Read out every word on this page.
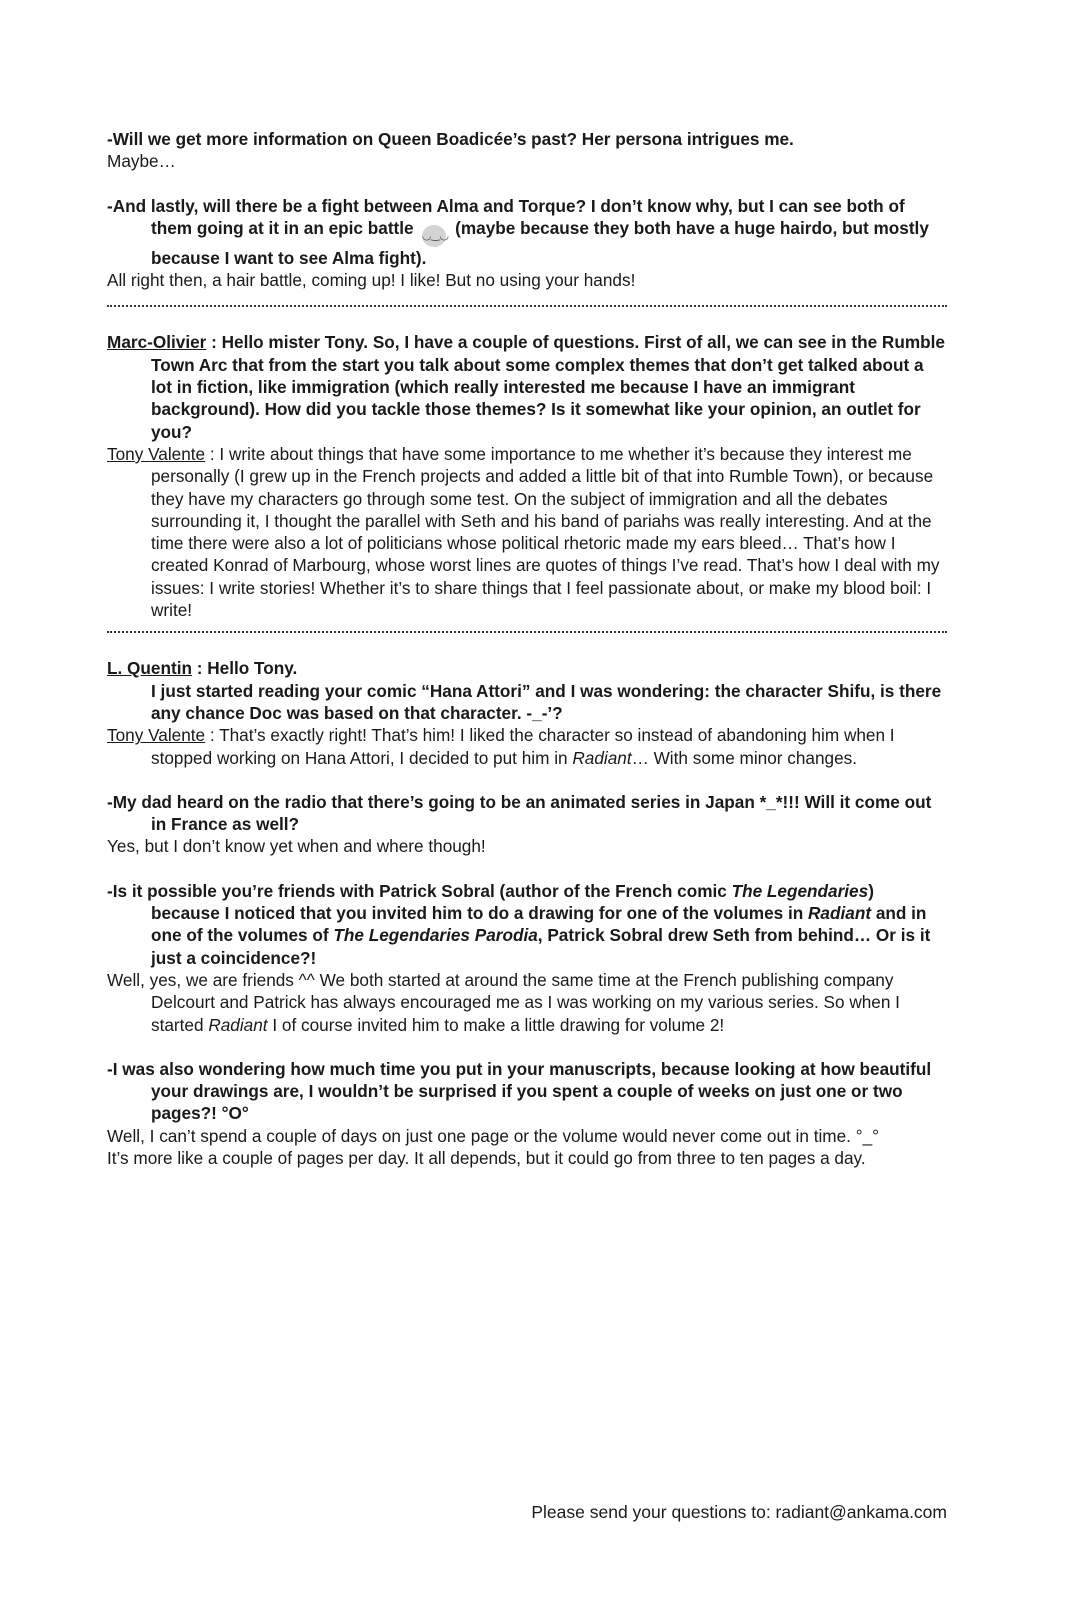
-Will we get more information on Queen Boadicée’s past? Her persona intrigues me.

Maybe…

-And lastly, will there be a fight between Alma and Torque? I don’t know why, but I can see both of them going at it in an epic battle ◡‿◡ (maybe because they both have a huge hairdo, but mostly because I want to see Alma fight).

All right then, a hair battle, coming up! I like! But no using your hands!

Marc-Olivier : Hello mister Tony. So, I have a couple of questions. First of all, we can see in the Rumble Town Arc that from the start you talk about some complex themes that don’t get talked about a lot in fiction, like immigration (which really interested me because I have an immigrant background). How did you tackle those themes? Is it somewhat like your opinion, an outlet for you?

Tony Valente : I write about things that have some importance to me whether it’s because they interest me personally (I grew up in the French projects and added a little bit of that into Rumble Town), or because they have my characters go through some test. On the subject of immigration and all the debates surrounding it, I thought the parallel with Seth and his band of pariahs was really interesting. And at the time there were also a lot of politicians whose political rhetoric made my ears bleed… That’s how I created Konrad of Marbourg, whose worst lines are quotes of things I’ve read. That’s how I deal with my issues: I write stories! Whether it’s to share things that I feel passionate about, or make my blood boil: I write!

L. Quentin : Hello Tony.

I just started reading your comic “Hana Attori” and I was wondering: the character Shifu, is there any chance Doc was based on that character. -_-’?

Tony Valente : That’s exactly right! That’s him! I liked the character so instead of abandoning him when I stopped working on Hana Attori, I decided to put him in Radiant… With some minor changes.

-My dad heard on the radio that there’s going to be an animated series in Japan *_*!!! Will it come out in France as well?

Yes, but I don’t know yet when and where though!

-Is it possible you’re friends with Patrick Sobral (author of the French comic The Legendaries) because I noticed that you invited him to do a drawing for one of the volumes in Radiant and in one of the volumes of The Legendaries Parodia, Patrick Sobral drew Seth from behind… Or is it just a coincidence?!

Well, yes, we are friends ^^ We both started at around the same time at the French publishing company Delcourt and Patrick has always encouraged me as I was working on my various series. So when I started Radiant I of course invited him to make a little drawing for volume 2!

-I was also wondering how much time you put in your manuscripts, because looking at how beautiful your drawings are, I wouldn’t be surprised if you spent a couple of weeks on just one or two pages?! °O°

Well, I can’t spend a couple of days on just one page or the volume would never come out in time. °_°

It’s more like a couple of pages per day. It all depends, but it could go from three to ten pages a day.

Please send your questions to: radiant@ankama.com
